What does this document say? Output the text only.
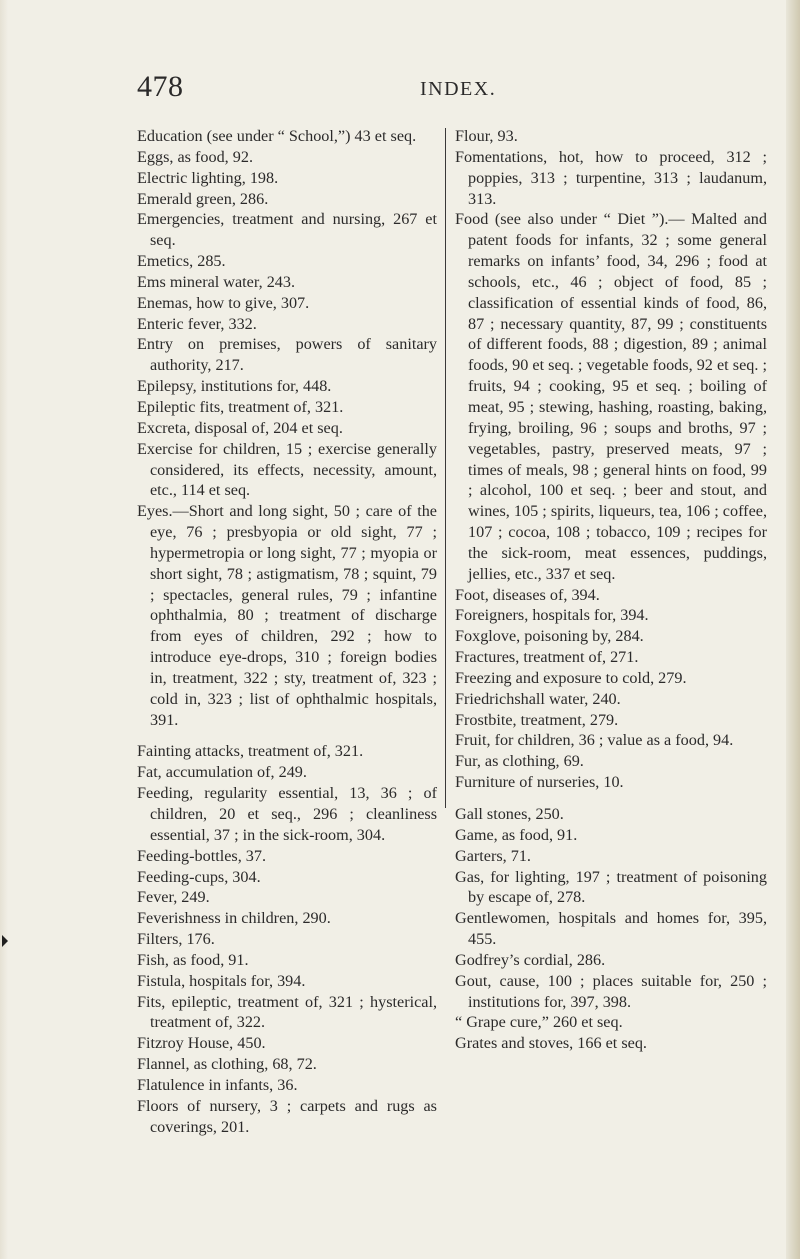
478	INDEX.

Education (see under “ School,”) 43 et seq.

Eggs, as food, 92.

Electric lighting, 198.

Emerald green, 286.

Emergencies, treatment and nursing, 267 et seq.

Emetics, 285.

Ems mineral water, 243.

Enemas, how to give, 307.

Enteric fever, 332.

Entry on premises, powers of sanitary authority, 217.

Epilepsy, institutions for, 448.

Epileptic fits, treatment of, 321.

Excreta, disposal of, 204 et seq.

Exercise for children, 15 ; exercise generally considered, its effects, necessity, amount, etc., 114 et seq.

Eyes.—Short and long sight, 50 ; care of the eye, 76 ; presbyopia or old sight, 77 ; hypermetropia or long sight, 77 ; myopia or short sight, 78 ; astigmatism, 78 ; squint, 79 ; spectacles, general rules, 79 ; infantine ophthalmia, 80 ; treatment of discharge from eyes of children, 292 ; how to introduce eye-drops, 310 ; foreign bodies in, treatment, 322 ; sty, treatment of, 323 ; cold in, 323 ; list of ophthalmic hospitals, 391.

Fainting attacks, treatment of, 321.

Fat, accumulation of, 249.

Feeding, regularity essential, 13, 36 ; of children, 20 et seq., 296 ; cleanliness essential, 37 ; in the sick-room, 304.

Feeding-bottles, 37.

Feeding-cups, 304.

Fever, 249.

Feverishness in children, 290.

Filters, 176.

Fish, as food, 91.

Fistula, hospitals for, 394.

Fits, epileptic, treatment of, 321 ; hysterical, treatment of, 322.

Fitzroy House, 450.

Flannel, as clothing, 68, 72.

Flatulence in infants, 36.

Floors of nursery, 3 ; carpets and rugs as coverings, 201.

Flour, 93.

Fomentations, hot, how to proceed, 312 ; poppies, 313 ; turpentine, 313 ; laudanum, 313.

Food (see also under “ Diet ”).— Malted and patent foods for infants, 32 ; some general remarks on infants’ food, 34, 296 ; food at schools, etc., 46 ; object of food, 85 ; classification of essential kinds of food, 86, 87 ; necessary quantity, 87, 99 ; constituents of different foods, 88 ; digestion, 89 ; animal foods, 90 et seq. ; vegetable foods, 92 et seq. ; fruits, 94 ; cooking, 95 et seq. ; boiling of meat, 95 ; stewing, hashing, roasting, baking, frying, broiling, 96 ; soups and broths, 97 ; vegetables, pastry, preserved meats, 97 ; times of meals, 98 ; general hints on food, 99 ; alcohol, 100 et seq. ; beer and stout, and wines, 105 ; spirits, liqueurs, tea, 106 ; coffee, 107 ; cocoa, 108 ; tobacco, 109 ; recipes for the sick-room, meat essences, puddings, jellies, etc., 337 et seq.

Foot, diseases of, 394.

Foreigners, hospitals for, 394.

Foxglove, poisoning by, 284.

Fractures, treatment of, 271.

Freezing and exposure to cold, 279.

Friedrichshall water, 240.

Frostbite, treatment, 279.

Fruit, for children, 36 ; value as a food, 94.

Fur, as clothing, 69.

Furniture of nurseries, 10.

Gall stones, 250.

Game, as food, 91.

Garters, 71.

Gas, for lighting, 197 ; treatment of poisoning by escape of, 278.

Gentlewomen, hospitals and homes for, 395, 455.

Godfrey’s cordial, 286.

Gout, cause, 100 ; places suitable for, 250 ; institutions for, 397, 398.

“ Grape cure,” 260 et seq.

Grates and stoves, 166 et seq.
